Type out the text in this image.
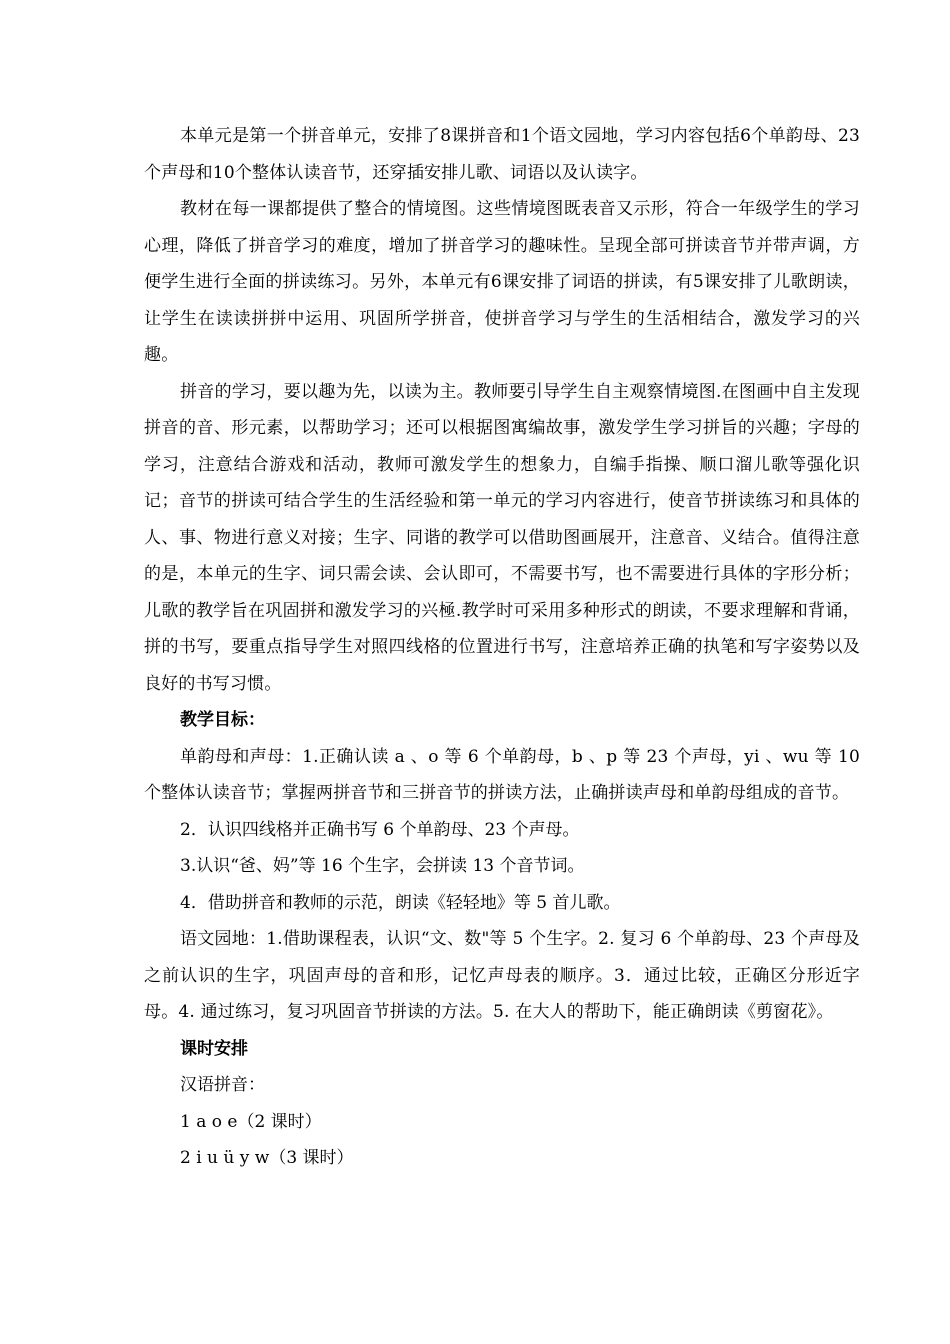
本单元是第一个拼音单元，安排了8课拼音和1个语文园地，学习内容包括6个单韵母、23个声母和10个整体认读音节，还穿插安排儿歌、词语以及认读字。

教材在每一课都提供了整合的情境图。这些情境图既表音又示形，符合一年级学生的学习心理，降低了拼音学习的难度，增加了拼音学习的趣味性。呈现全部可拼读音节并带声调，方便学生进行全面的拼读练习。另外，本单元有6课安排了词语的拼读，有5课安排了儿歌朗读，让学生在读读拼拼中运用、巩固所学拼音，使拼音学习与学生的生活相结合，激发学习的兴趣。

拼音的学习，要以趣为先，以读为主。教师要引导学生自主观察情境图.在图画中自主发现拼音的音、形元素，以帮助学习；还可以根据图寓编故事，激发学生学习拼旨的兴趣；字母的学习，注意结合游戏和活动，教师可激发学生的想象力，自编手指操、顺口溜儿歌等强化识记；音节的拼读可结合学生的生活经验和第一单元的学习内容进行，使音节拼读练习和具体的人、事、物进行意义对接；生字、同谐的教学可以借助图画展开，注意音、义结合。值得注意的是，本单元的生字、词只需会读、会认即可，不需要书写，也不需要进行具体的字形分析；儿歌的教学旨在巩固拼和激发学习的兴極.教学时可采用多种形式的朗读，不要求理解和背诵，拼的书写，要重点指导学生对照四线格的位置进行书写，注意培养正确的执笔和写字姿势以及良好的书写习惯。

教学目标：

单韵母和声母：1.正确认读 a 、o 等 6 个单韵母，b 、p 等 23 个声母，yi 、wu 等 10 个整体认读音节；掌握两拼音节和三拼音节的拼读方法，止确拼读声母和单韵母组成的音节。

2．认识四线格并正确书写 6 个单韵母、23 个声母。

3.认识“爸、妈”等 16 个生字，会拼读 13 个音节词。

4．借助拼音和教师的示范，朗读《轻轻地》等 5 首儿歌。

语文园地：1.借助课程表，认识“文、数"等 5 个生字。2. 复习 6 个单韵母、23 个声母及之前认识的生字，巩固声母的音和形，记忆声母表的顺序。3．通过比较，正确区分形近字母。4. 通过练习，复习巩固音节拼读的方法。5. 在大人的帮助下，能正确朗读《剪窗花》。

课时安排

汉语拼音：

1 a o e（2 课时）

2 i u ü y w（3 课时）
